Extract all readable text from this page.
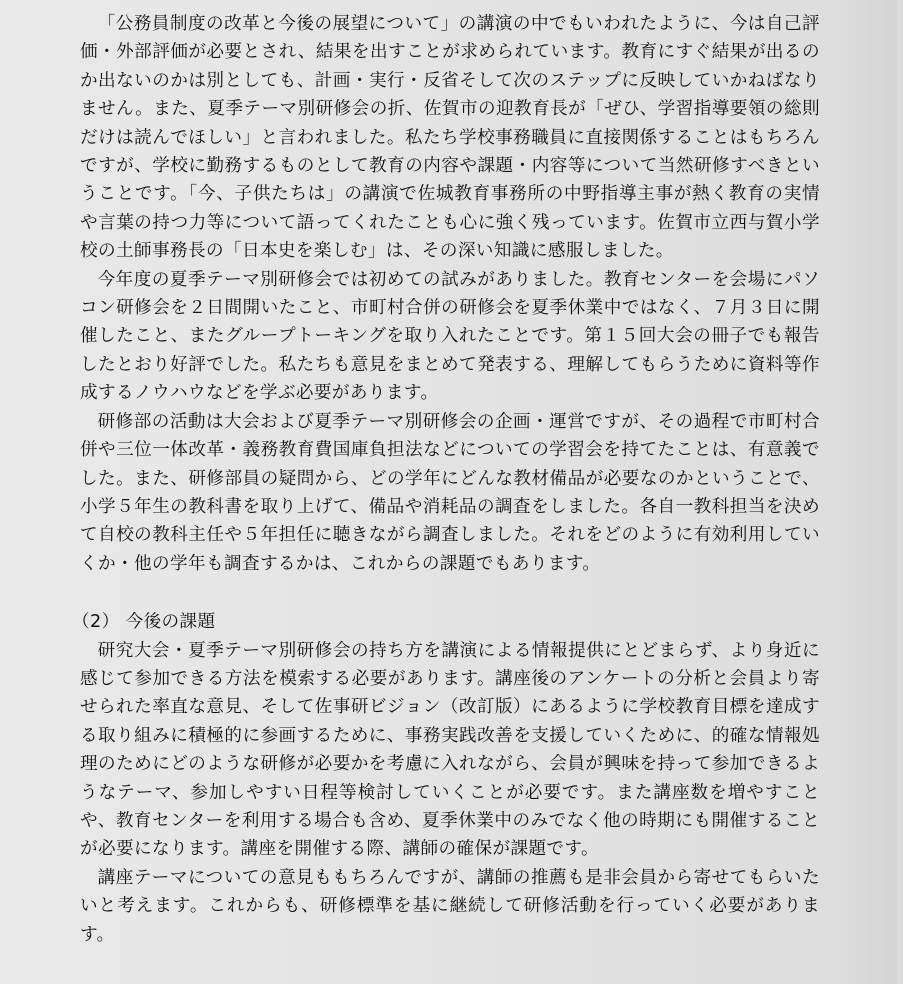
「公務員制度の改革と今後の展望について」の講演の中でもいわれたように、今は自己評価・外部評価が必要とされ、結果を出すことが求められています。教育にすぐ結果が出るのか出ないのかは別としても、計画・実行・反省そして次のステップに反映していかねばなりません。また、夏季テーマ別研修会の折、佐賀市の迎教育長が「ぜひ、学習指導要領の総則だけは読んでほしい」と言われました。私たち学校事務職員に直接関係することはもちろんですが、学校に勤務するものとして教育の内容や課題・内容等について当然研修すべきということです。「今、子供たちは」の講演で佐城教育事務所の中野指導主事が熱く教育の実情や言葉の持つ力等について語ってくれたことも心に強く残っています。佐賀市立西与賀小学校の土師事務長の「日本史を楽しむ」は、その深い知識に感服しました。

今年度の夏季テーマ別研修会では初めての試みがありました。教育センターを会場にパソコン研修会を２日間開いたこと、市町村合併の研修会を夏季休業中ではなく、７月３日に開催したこと、またグループトーキングを取り入れたことです。第１５回大会の冊子でも報告したとおり好評でした。私たちも意見をまとめて発表する、理解してもらうために資料等作成するノウハウなどを学ぶ必要があります。

研修部の活動は大会および夏季テーマ別研修会の企画・運営ですが、その過程で市町村合併や三位一体改革・義務教育費国庫負担法などについての学習会を持てたことは、有意義でした。また、研修部員の疑問から、どの学年にどんな教材備品が必要なのかということで、小学５年生の教科書を取り上げて、備品や消耗品の調査をしました。各自一教科担当を決めて自校の教科主任や５年担任に聴きながら調査しました。それをどのように有効利用していくか・他の学年も調査するかは、これからの課題でもあります。

（2） 今後の課題

研究大会・夏季テーマ別研修会の持ち方を講演による情報提供にとどまらず、より身近に感じて参加できる方法を模索する必要があります。講座後のアンケートの分析と会員より寄せられた率直な意見、そして佐事研ビジョン（改訂版）にあるように学校教育目標を達成する取り組みに積極的に参画するために、事務実践改善を支援していくために、的確な情報処理のためにどのような研修が必要かを考慮に入れながら、会員が興味を持って参加できるようなテーマ、参加しやすい日程等検討していくことが必要です。また講座数を増やすことや、教育センターを利用する場合も含め、夏季休業中のみでなく他の時期にも開催することが必要になります。講座を開催する際、講師の確保が課題です。

講座テーマについての意見ももちろんですが、講師の推薦も是非会員から寄せてもらいたいと考えます。これからも、研修標準を基に継続して研修活動を行っていく必要があります。
